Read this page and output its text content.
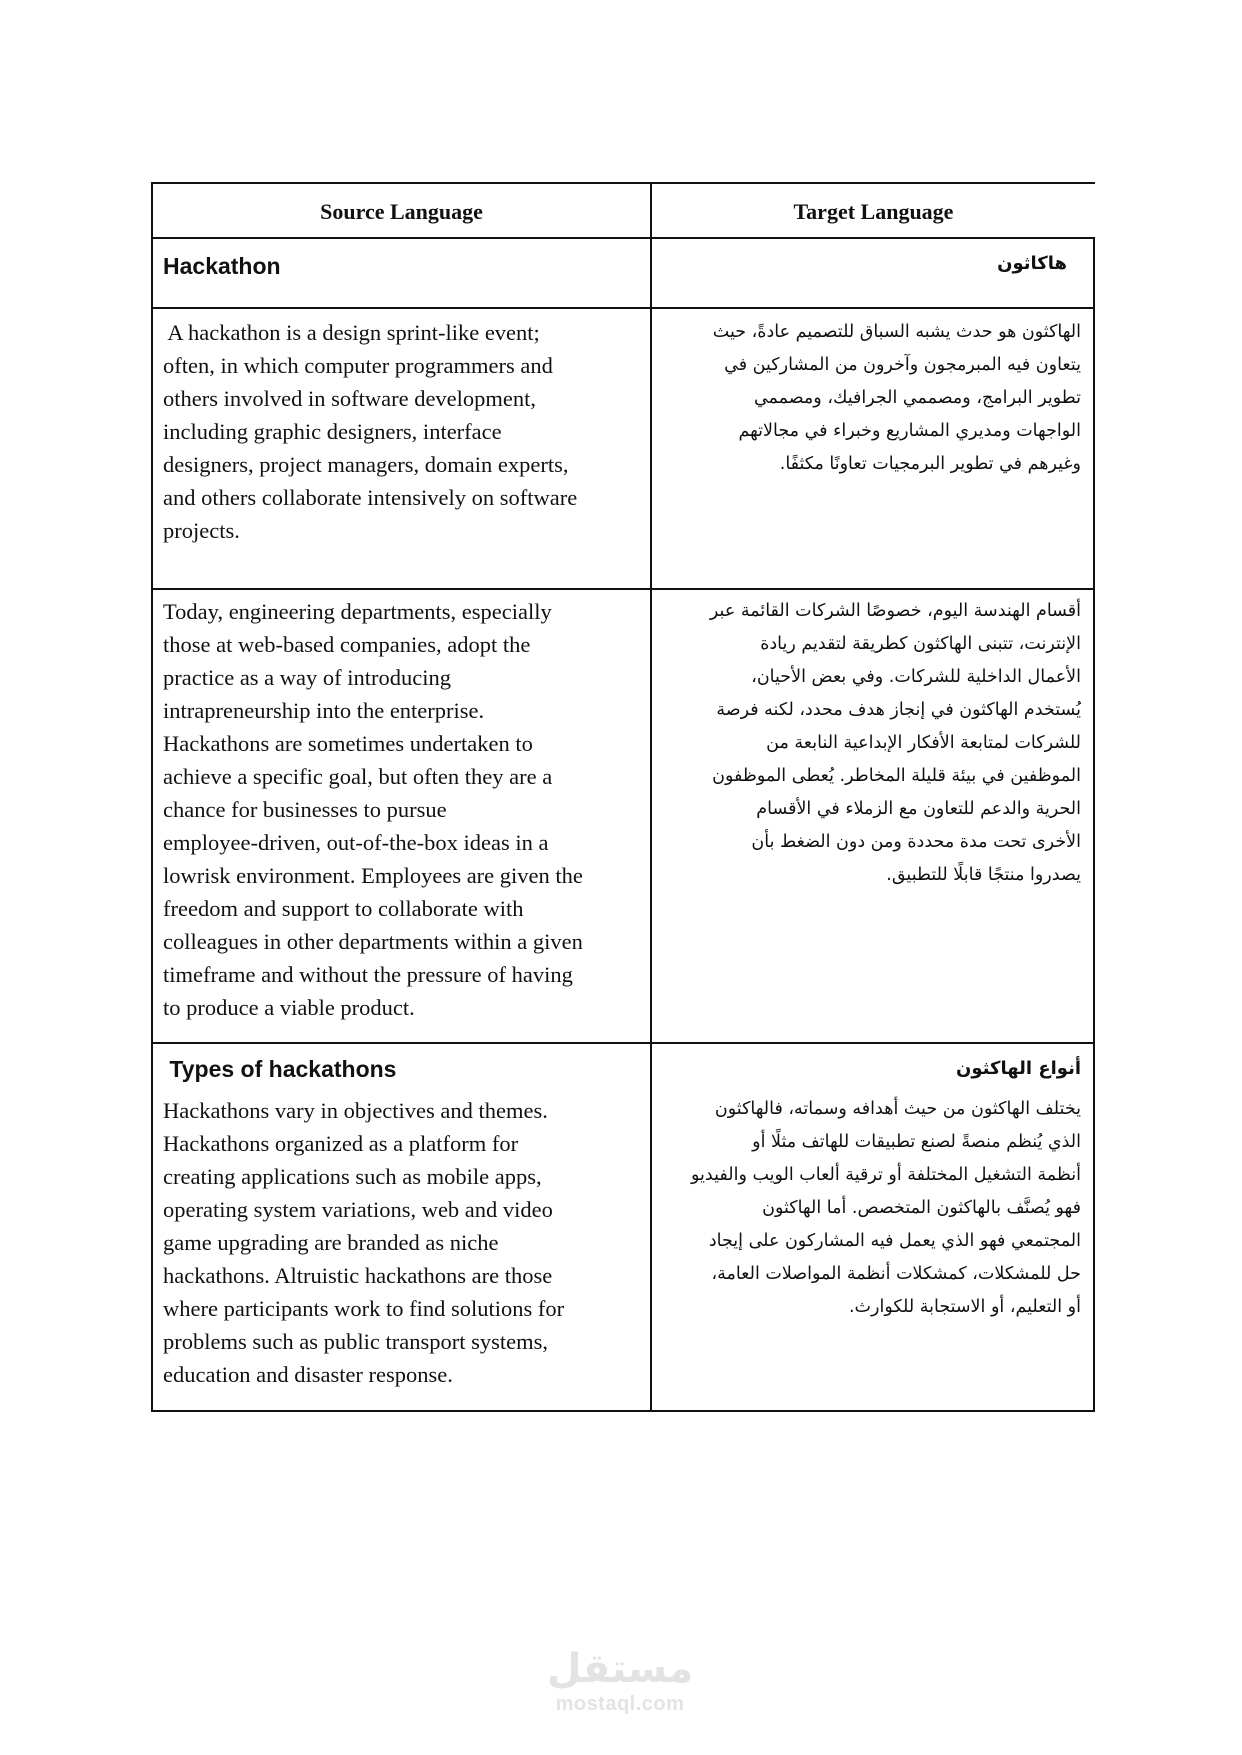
Source Language	Target Language
Hackathon	هاكاثون
A hackathon is a design sprint-like event;
often, in which computer programmers and
others involved in software development,
including graphic designers, interface
designers, project managers, domain experts,
and others collaborate intensively on software
projects.
الهاكثون هو حدث يشبه السباق للتصميم عادةً، حيث
يتعاون فيه المبرمجون وآخرون من المشاركين في
تطوير البرامج، ومصممي الجرافيك، ومصممي
الواجهات ومديري المشاريع وخبراء في مجالاتهم
وغيرهم في تطوير البرمجيات تعاونًا مكثفًا.
Today, engineering departments, especially
those at web-based companies, adopt the
practice as a way of introducing
intrapreneurship into the enterprise.
Hackathons are sometimes undertaken to
achieve a specific goal, but often they are a
chance for businesses to pursue
employee-driven, out-of-the-box ideas in a
lowrisk environment. Employees are given the
freedom and support to collaborate with
colleagues in other departments within a given
timeframe and without the pressure of having
to produce a viable product.
أقسام الهندسة اليوم، خصوصًا الشركات القائمة عبر
الإنترنت، تتبنى الهاكثون كطريقة لتقديم ريادة
الأعمال الداخلية للشركات. وفي بعض الأحيان،
يُستخدم الهاكثون في إنجاز هدف محدد، لكنه فرصة
للشركات لمتابعة الأفكار الإبداعية النابعة من
الموظفين في بيئة قليلة المخاطر. يُعطى الموظفون
الحرية والدعم للتعاون مع الزملاء في الأقسام
الأخرى تحت مدة محددة ومن دون الضغط بأن
يصدروا منتجًا قابلًا للتطبيق.
Types of hackathons
Hackathons vary in objectives and themes.
Hackathons organized as a platform for
creating applications such as mobile apps,
operating system variations, web and video
game upgrading are branded as niche
hackathons. Altruistic hackathons are those
where participants work to find solutions for
problems such as public transport systems,
education and disaster response.
أنواع الهاكثون
يختلف الهاكثون من حيث أهدافه وسماته، فالهاكثون
الذي يُنظم منصةً لصنع تطبيقات للهاتف مثلًا أو
أنظمة التشغيل المختلفة أو ترقية ألعاب الويب والفيديو
فهو يُصنَّف بالهاكثون المتخصص. أما الهاكثون
المجتمعي فهو الذي يعمل فيه المشاركون على إيجاد
حل للمشكلات، كمشكلات أنظمة المواصلات العامة،
أو التعليم، أو الاستجابة للكوارث.
مستقل
mostaql.com
